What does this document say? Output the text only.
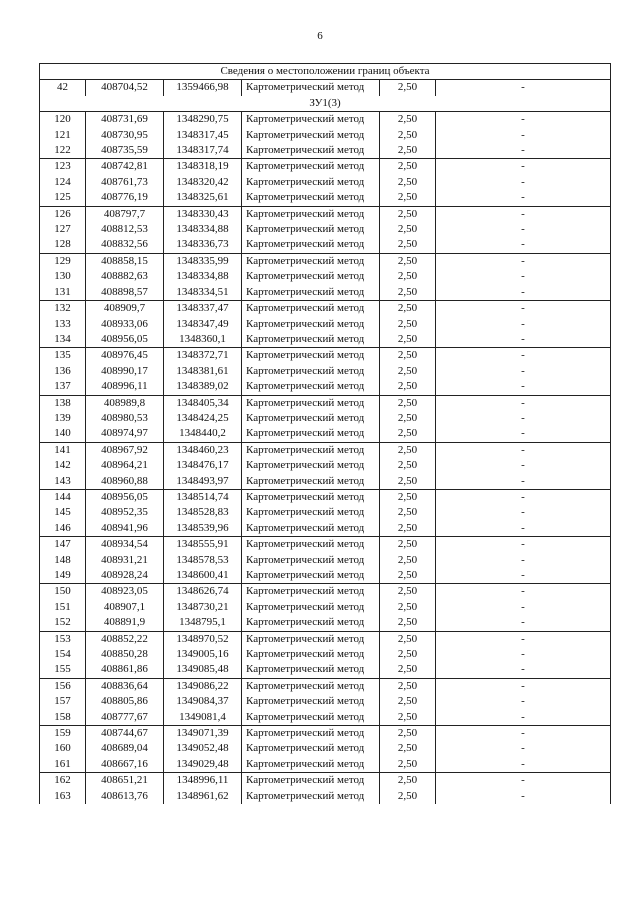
6
Сведения о местоположении границ объекта					
42	408704,52	1359466,98	Картометрический метод	2,50	-
ЗУ1(3)					
120	408731,69	1348290,75	Картометрический метод	2,50	-
121	408730,95	1348317,45	Картометрический метод	2,50	-
122	408735,59	1348317,74	Картометрический метод	2,50	-
123	408742,81	1348318,19	Картометрический метод	2,50	-
124	408761,73	1348320,42	Картометрический метод	2,50	-
125	408776,19	1348325,61	Картометрический метод	2,50	-
126	408797,7	1348330,43	Картометрический метод	2,50	-
127	408812,53	1348334,88	Картометрический метод	2,50	-
128	408832,56	1348336,73	Картометрический метод	2,50	-
129	408858,15	1348335,99	Картометрический метод	2,50	-
130	408882,63	1348334,88	Картометрический метод	2,50	-
131	408898,57	1348334,51	Картометрический метод	2,50	-
132	408909,7	1348337,47	Картометрический метод	2,50	-
133	408933,06	1348347,49	Картометрический метод	2,50	-
134	408956,05	1348360,1	Картометрический метод	2,50	-
135	408976,45	1348372,71	Картометрический метод	2,50	-
136	408990,17	1348381,61	Картометрический метод	2,50	-
137	408996,11	1348389,02	Картометрический метод	2,50	-
138	408989,8	1348405,34	Картометрический метод	2,50	-
139	408980,53	1348424,25	Картометрический метод	2,50	-
140	408974,97	1348440,2	Картометрический метод	2,50	-
141	408967,92	1348460,23	Картометрический метод	2,50	-
142	408964,21	1348476,17	Картометрический метод	2,50	-
143	408960,88	1348493,97	Картометрический метод	2,50	-
144	408956,05	1348514,74	Картометрический метод	2,50	-
145	408952,35	1348528,83	Картометрический метод	2,50	-
146	408941,96	1348539,96	Картометрический метод	2,50	-
147	408934,54	1348555,91	Картометрический метод	2,50	-
148	408931,21	1348578,53	Картометрический метод	2,50	-
149	408928,24	1348600,41	Картометрический метод	2,50	-
150	408923,05	1348626,74	Картометрический метод	2,50	-
151	408907,1	1348730,21	Картометрический метод	2,50	-
152	408891,9	1348795,1	Картометрический метод	2,50	-
153	408852,22	1348970,52	Картометрический метод	2,50	-
154	408850,28	1349005,16	Картометрический метод	2,50	-
155	408861,86	1349085,48	Картометрический метод	2,50	-
156	408836,64	1349086,22	Картометрический метод	2,50	-
157	408805,86	1349084,37	Картометрический метод	2,50	-
158	408777,67	1349081,4	Картометрический метод	2,50	-
159	408744,67	1349071,39	Картометрический метод	2,50	-
160	408689,04	1349052,48	Картометрический метод	2,50	-
161	408667,16	1349029,48	Картометрический метод	2,50	-
162	408651,21	1348996,11	Картометрический метод	2,50	-
163	408613,76	1348961,62	Картометрический метод	2,50	-
